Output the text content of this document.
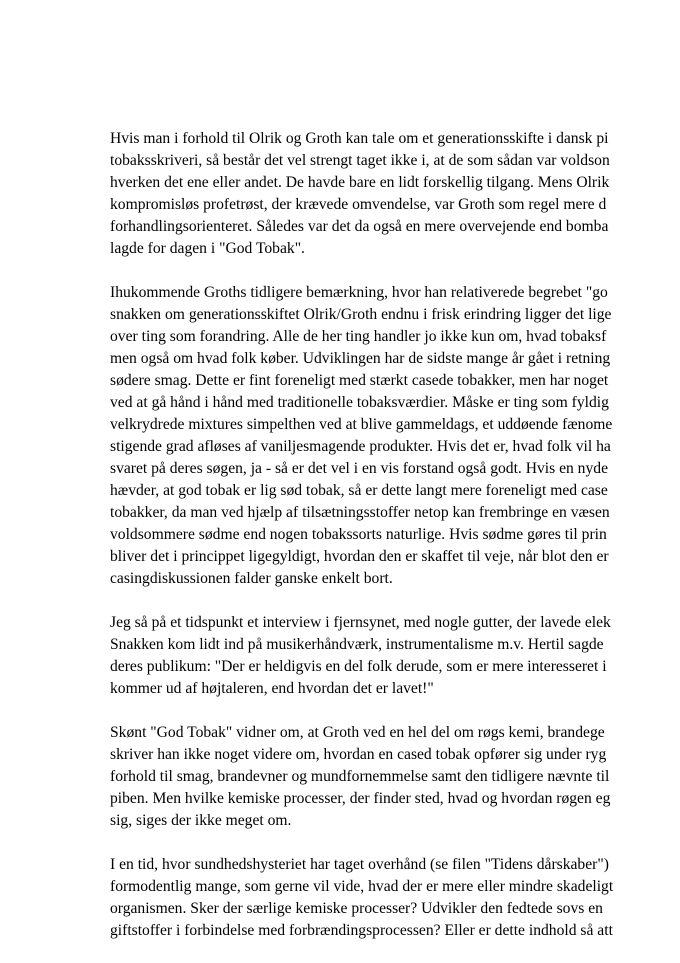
Hvis man i forhold til Olrik og Groth kan tale om et generationsskifte i dansk pi
tobaksskriveri, så består det vel strengt taget ikke i, at de som sådan var voldson
hverken det ene eller andet. De havde bare en lidt forskellig tilgang. Mens Olrik
kompromisløs profetrøst, der krævede omvendelse, var Groth som regel mere d
forhandlingsorienteret. Således var det da også en mere overvejende end bomba
lagde for dagen i "God Tobak".

Ihukommende Groths tidligere bemærkning, hvor han relativerede begrebet "go
snakken om generationsskiftet Olrik/Groth endnu i frisk erindring ligger det lige
over ting som forandring. Alle de her ting handler jo ikke kun om, hvad tobaksf
men også om hvad folk køber. Udviklingen har de sidste mange år gået i retning
sødere smag. Dette er fint foreneligt med stærkt casede tobakker, men har noget
ved at gå hånd i hånd med traditionelle tobaksværdier. Måske er ting som fyldig
velkrydrede mixtures simpelthen ved at blive gammeldags, et uddøende fænome
stigende grad afløses af vaniljesmagende produkter. Hvis det er, hvad folk vil ha
svaret på deres søgen, ja - så er det vel i en vis forstand også godt. Hvis en nyde
hævder, at god tobak er lig sød tobak, så er dette langt mere foreneligt med case
tobakker, da man ved hjælp af tilsætningsstoffer netop kan frembringe en væsen
voldsommere sødme end nogen tobakssorts naturlige. Hvis sødme gøres til prin
bliver det i princippet ligegyldigt, hvordan den er skaffet til veje, når blot den er
casingdiskussionen falder ganske enkelt bort.

Jeg så på et tidspunkt et interview i fjernsynet, med nogle gutter, der lavede elek
Snakken kom lidt ind på musikerhåndværk, instrumentalisme m.v. Hertil sagde
deres publikum: "Der er heldigvis en del folk derude, som er mere interesseret i
kommer ud af højtaleren, end hvordan det er lavet!"

Skønt "God Tobak" vidner om, at Groth ved en hel del om røgs kemi, brandege
skriver han ikke noget videre om, hvordan en cased tobak opfører sig under ryg
forhold til smag, brandevner og mundfornemmelse samt den tidligere nævnte til
piben. Men hvilke kemiske processer, der finder sted, hvad og hvordan røgen eg
sig, siges der ikke meget om.

I en tid, hvor sundhedshysteriet har taget overhånd (se filen "Tidens dårskaber")
formodentlig mange, som gerne vil vide, hvad der er mere eller mindre skadeligt
organismen. Sker der særlige kemiske processer? Udvikler den fedtede sovs en
giftstoffer i forbindelse med forbrændingsprocessen? Eller er dette indhold så att
